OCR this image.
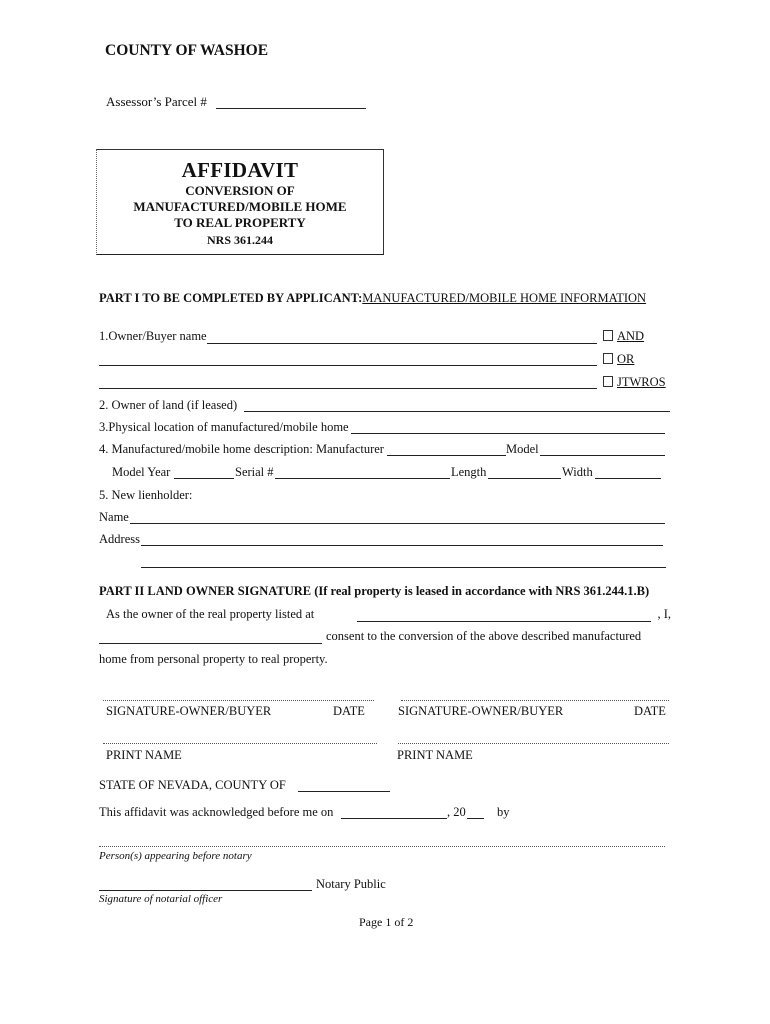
COUNTY OF WASHOE
Assessor’s Parcel #
AFFIDAVIT
CONVERSION OF
MANUFACTURED/MOBILE HOME
TO REAL PROPERTY
NRS 361.244
PART I TO BE COMPLETED BY APPLICANT:MANUFACTURED/MOBILE HOME INFORMATION
1.Owner/Buyer name	AND
OR
JTWROS
2. Owner of land (if leased)
3.Physical location of manufactured/mobile home
4. Manufactured/mobile home description: Manufacturer	Model
Model Year	Serial #	Length	Width
5. New lienholder:
Name
Address
PART II LAND OWNER SIGNATURE (If real property is leased in accordance with NRS 361.244.1.B)
As the owner of the real property listed at	, I,
consent to the conversion of the above described manufactured
home from personal property to real property.
SIGNATURE-OWNER/BUYER	DATE	SIGNATURE-OWNER/BUYER	DATE
PRINT NAME	PRINT NAME
STATE OF NEVADA, COUNTY OF
This affidavit was acknowledged before me on	, 20	by
Person(s) appearing before notary
Notary Public
Signature of notarial officer
Page 1 of 2
